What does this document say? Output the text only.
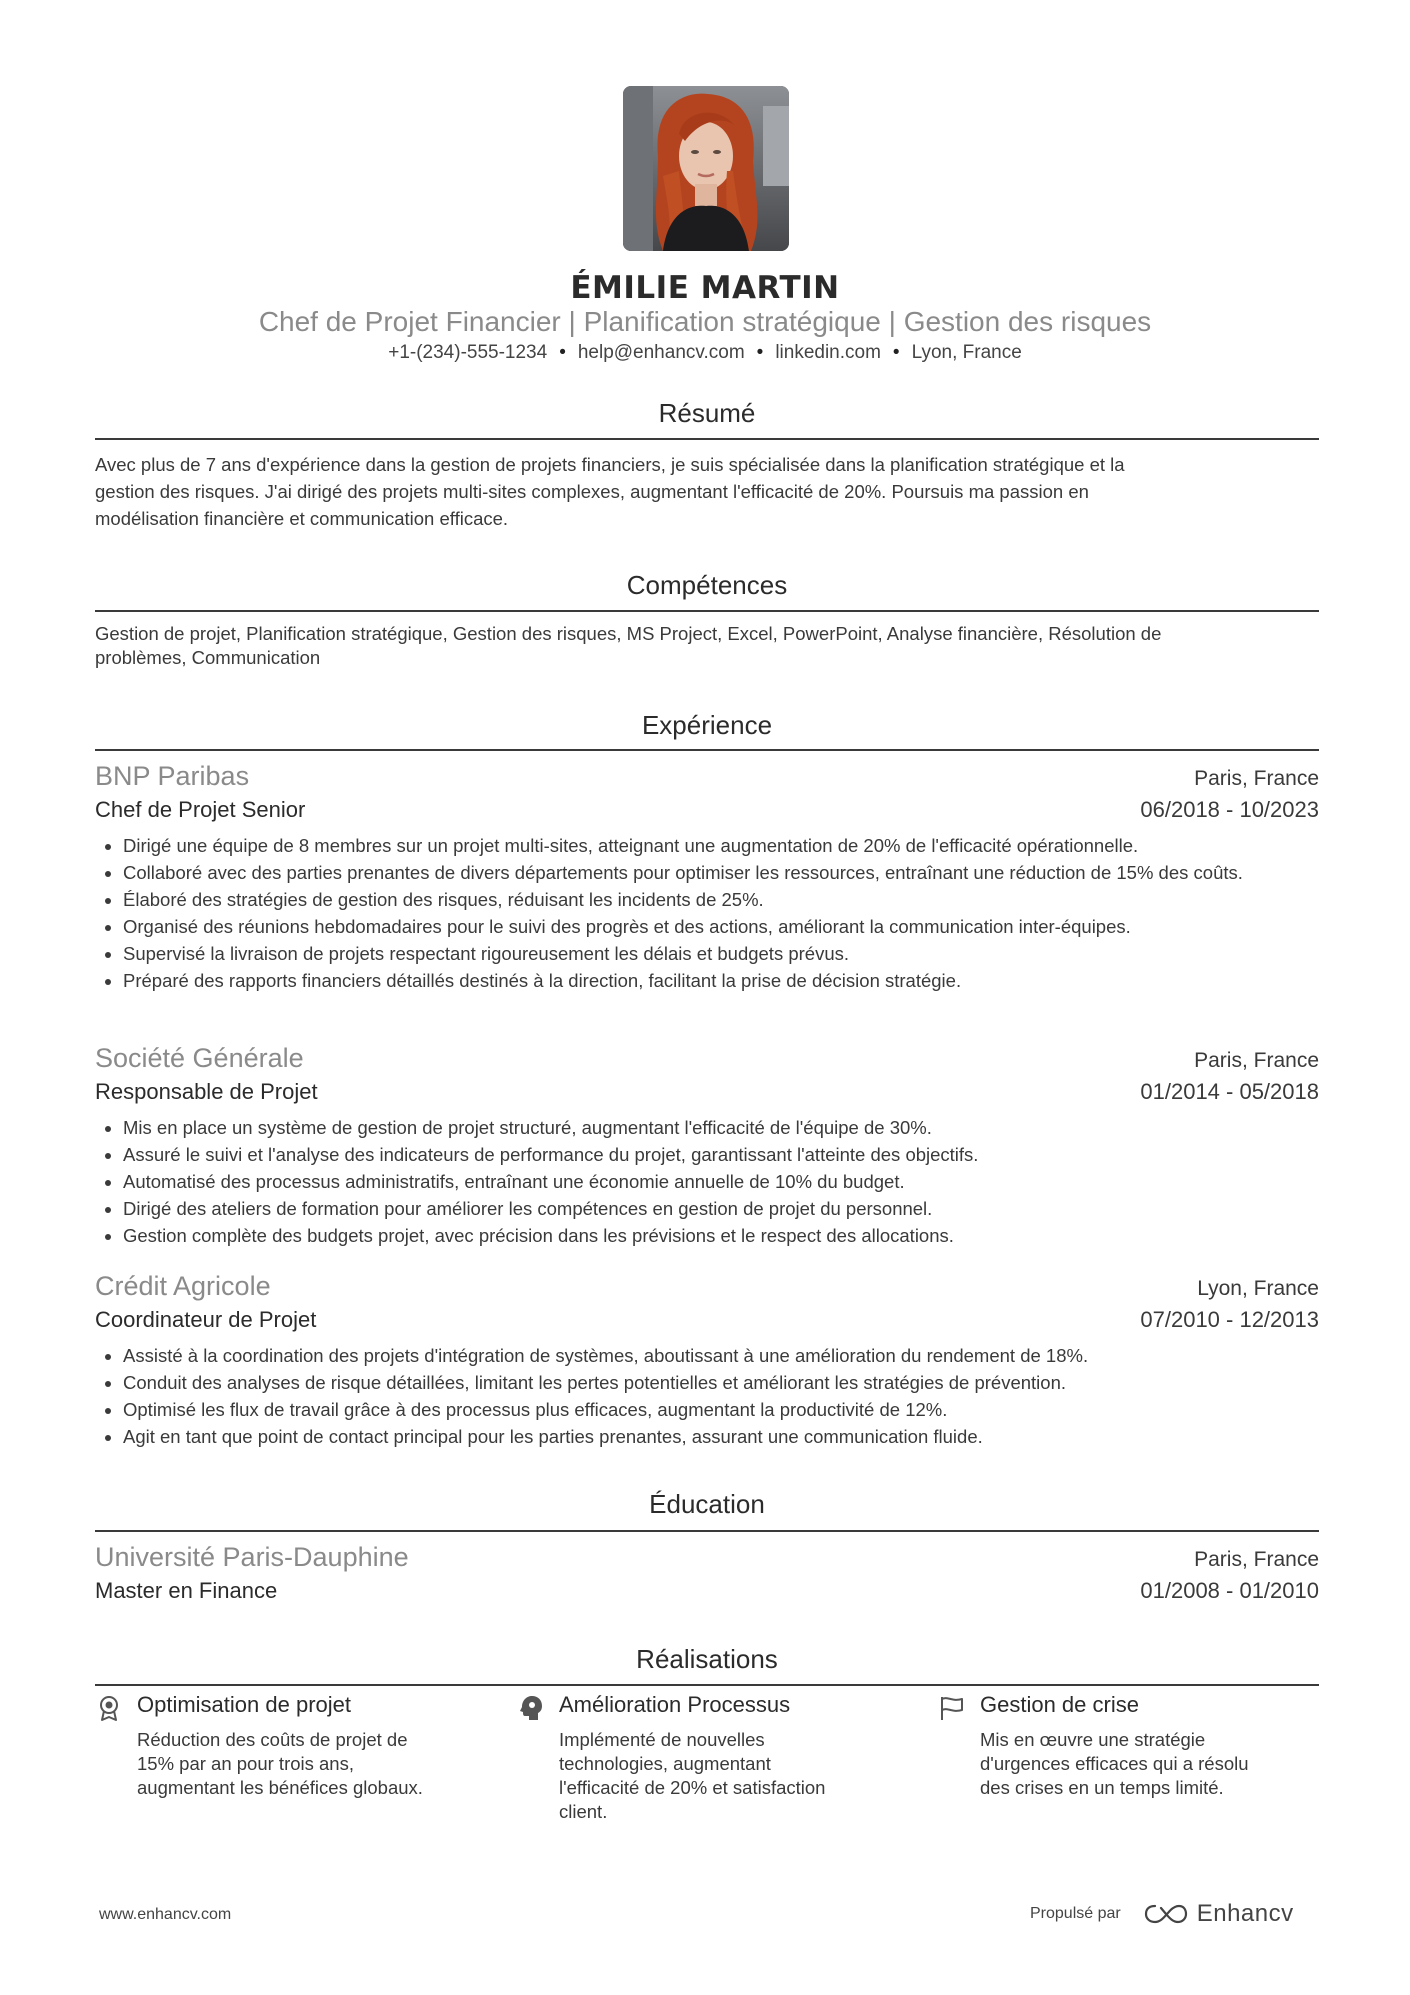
ÉMILIE MARTIN
Chef de Projet Financier | Planification stratégique | Gestion des risques
+1-(234)-555-1234 • help@enhancv.com • linkedin.com • Lyon, France
Résumé
Avec plus de 7 ans d'expérience dans la gestion de projets financiers, je suis spécialisée dans la planification stratégique et la
gestion des risques. J'ai dirigé des projets multi-sites complexes, augmentant l'efficacité de 20%. Poursuis ma passion en
modélisation financière et communication efficace.
Compétences
Gestion de projet, Planification stratégique, Gestion des risques, MS Project, Excel, PowerPoint, Analyse financière, Résolution de
problèmes, Communication
Expérience
BNP Paribas	Paris, France
Chef de Projet Senior	06/2018 - 10/2023
• Dirigé une équipe de 8 membres sur un projet multi-sites, atteignant une augmentation de 20% de l'efficacité opérationnelle.
• Collaboré avec des parties prenantes de divers départements pour optimiser les ressources, entraînant une réduction de 15% des coûts.
• Élaboré des stratégies de gestion des risques, réduisant les incidents de 25%.
• Organisé des réunions hebdomadaires pour le suivi des progrès et des actions, améliorant la communication inter-équipes.
• Supervisé la livraison de projets respectant rigoureusement les délais et budgets prévus.
• Préparé des rapports financiers détaillés destinés à la direction, facilitant la prise de décision stratégie.
Société Générale	Paris, France
Responsable de Projet	01/2014 - 05/2018
• Mis en place un système de gestion de projet structuré, augmentant l'efficacité de l'équipe de 30%.
• Assuré le suivi et l'analyse des indicateurs de performance du projet, garantissant l'atteinte des objectifs.
• Automatisé des processus administratifs, entraînant une économie annuelle de 10% du budget.
• Dirigé des ateliers de formation pour améliorer les compétences en gestion de projet du personnel.
• Gestion complète des budgets projet, avec précision dans les prévisions et le respect des allocations.
Crédit Agricole	Lyon, France
Coordinateur de Projet	07/2010 - 12/2013
• Assisté à la coordination des projets d'intégration de systèmes, aboutissant à une amélioration du rendement de 18%.
• Conduit des analyses de risque détaillées, limitant les pertes potentielles et améliorant les stratégies de prévention.
• Optimisé les flux de travail grâce à des processus plus efficaces, augmentant la productivité de 12%.
• Agit en tant que point de contact principal pour les parties prenantes, assurant une communication fluide.
Éducation
Université Paris-Dauphine	Paris, France
Master en Finance	01/2008 - 01/2010
Réalisations
Optimisation de projet
Réduction des coûts de projet de
15% par an pour trois ans,
augmentant les bénéfices globaux.
Amélioration Processus
Implémenté de nouvelles
technologies, augmentant
l'efficacité de 20% et satisfaction
client.
Gestion de crise
Mis en œuvre une stratégie
d'urgences efficaces qui a résolu
des crises en un temps limité.
www.enhancv.com	Propulsé par	Enhancv
